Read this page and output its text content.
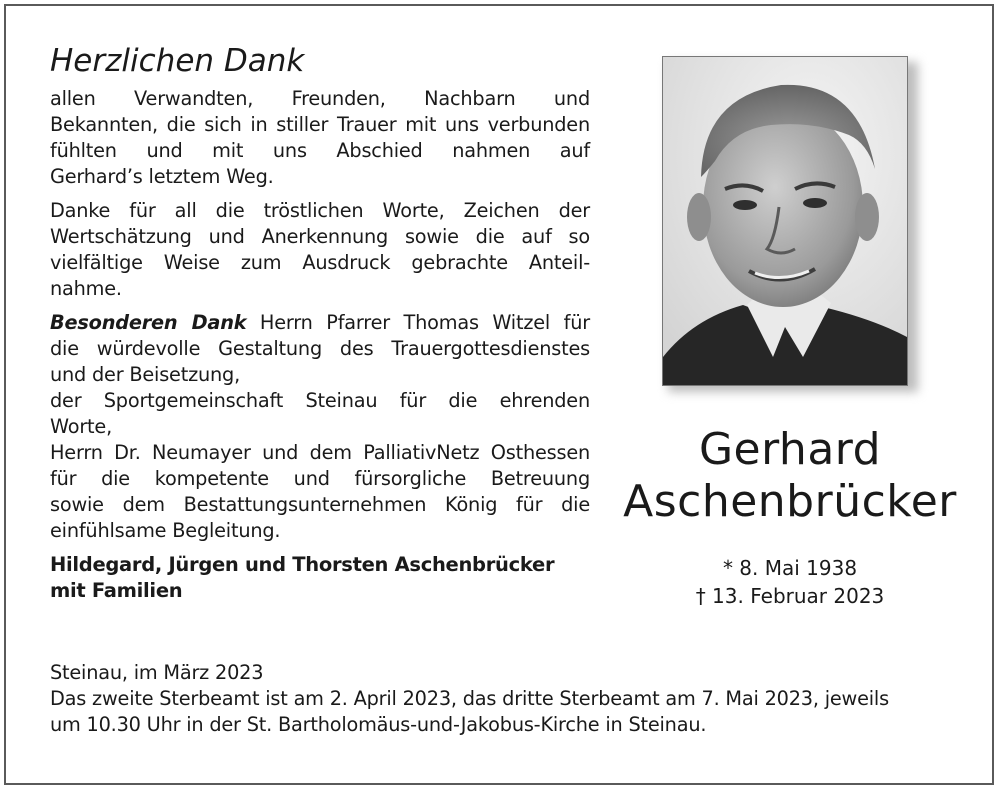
Herzlichen Dank
allen Verwandten, Freunden, Nachbarn und
Bekannten, die sich in stiller Trauer mit uns verbunden
fühlten und mit uns Abschied nahmen auf
Gerhard’s letztem Weg.
Danke für all die tröstlichen Worte, Zeichen der
Wertschätzung und Anerkennung sowie die auf so
vielfältige Weise zum Ausdruck gebrachte Anteil-
nahme.
Besonderen Dank Herrn Pfarrer Thomas Witzel für
die würdevolle Gestaltung des Trauergottesdienstes
und der Beisetzung,
der Sportgemeinschaft Steinau für die ehrenden
Worte,
Herrn Dr. Neumayer und dem PalliativNetz Osthessen
für die kompetente und fürsorgliche Betreuung
sowie dem Bestattungsunternehmen König für die
einfühlsame Begleitung.
Hildegard, Jürgen und Thorsten Aschenbrücker
mit Familien
Steinau, im März 2023
Das zweite Sterbeamt ist am 2. April 2023, das dritte Sterbeamt am 7. Mai 2023, jeweils
um 10.30 Uhr in der St. Bartholomäus-und-Jakobus-Kirche in Steinau.
Gerhard
Aschenbrücker
* 8. Mai 1938
† 13. Februar 2023
